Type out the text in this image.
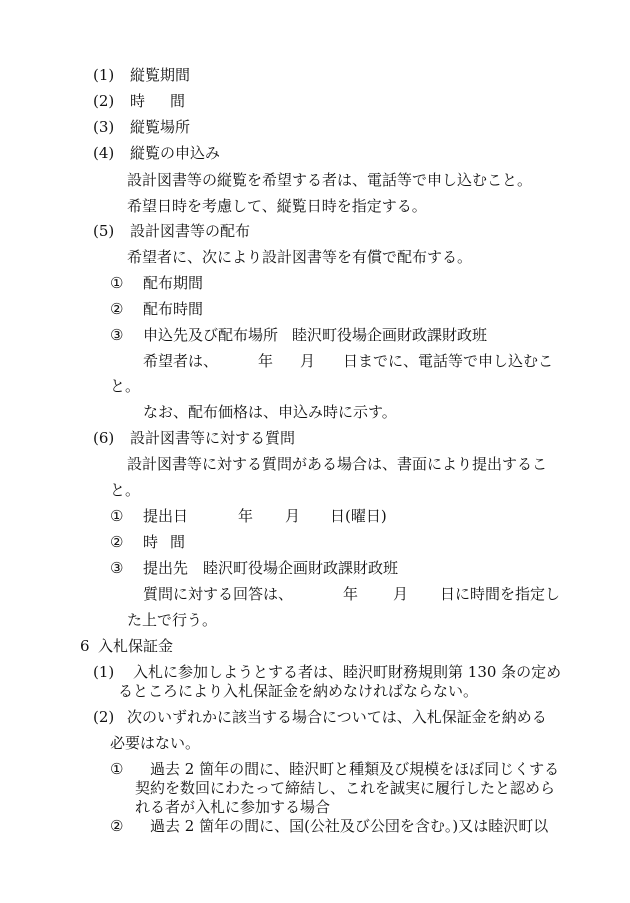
(1) 縦覧期間
(2) 時 間
(3) 縦覧場所
(4) 縦覧の申込み
設計図書等の縦覧を希望する者は、電話等で申し込むこと。
希望日時を考慮して、縦覧日時を指定する。
(5) 設計図書等の配布
希望者に、次により設計図書等を有償で配布する。
① 配布期間
② 配布時間
③ 申込先及び配布場所 睦沢町役場企画財政課財政班
希望者は、	年 月 日までに、電話等で申し込むこ
と。
なお、配布価格は、申込み時に示す。
(6) 設計図書等に対する質問
設計図書等に対する質問がある場合は、書面により提出するこ
と。
① 提出日	年 月 日(曜日)
② 時 間
③ 提出先 睦沢町役場企画財政課財政班
質問に対する回答は、	年 月 日に時間を指定し
た上で行う。
6 入札保証金
(1) 入札に参加しようとする者は、睦沢町財務規則第 130 条の定め
るところにより入札保証金を納めなければならない。
(2) 次のいずれかに該当する場合については、入札保証金を納める
必要はない。
① 過去 2 箇年の間に、睦沢町と種類及び規模をほぼ同じくする
契約を数回にわたって締結し、これを誠実に履行したと認めら
れる者が入札に参加する場合
② 過去 2 箇年の間に、国(公社及び公団を含む。)又は睦沢町以
